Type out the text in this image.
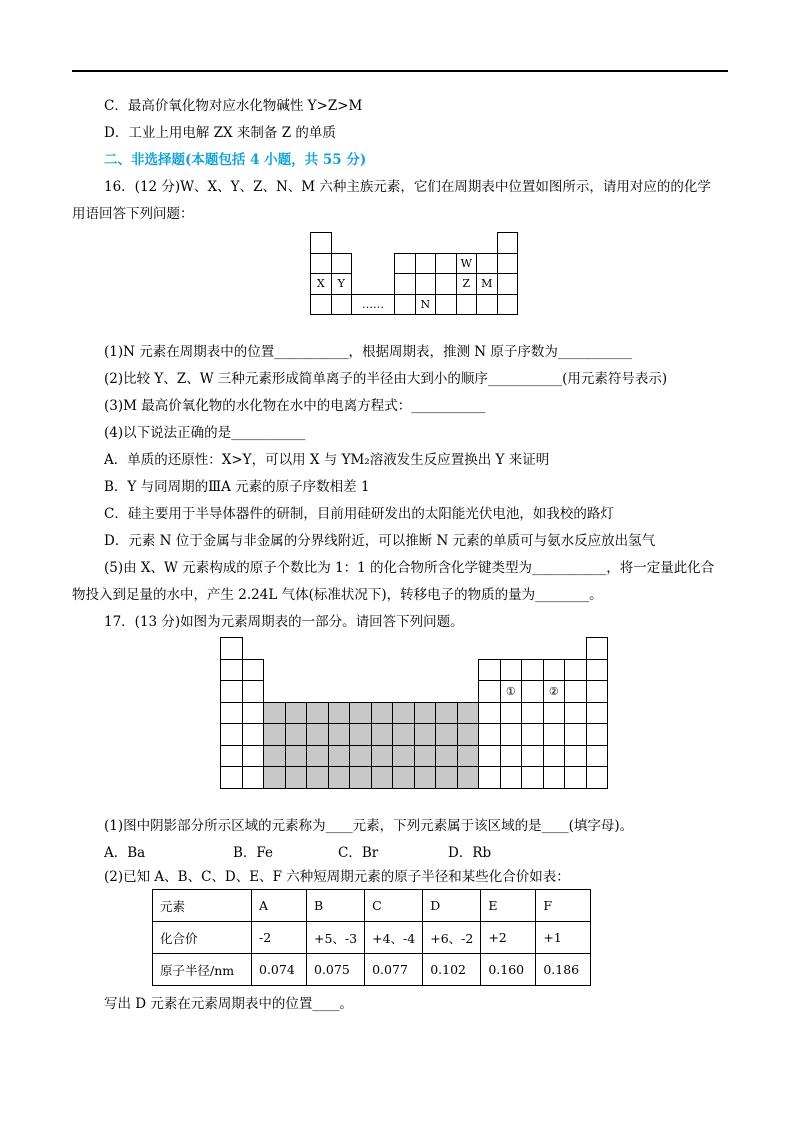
C．最高价氧化物对应水化物碱性 Y>Z>M
D．工业上用电解 ZX 来制备 Z 的单质
二、非选择题(本题包括 4 小题，共 55 分)
16．(12 分)W、X、Y、Z、N、M 六种主族元素，它们在周期表中位置如图所示，请用对应的的化学
用语回答下列问题：
W
X	Y	Z	M
N
……
(1)N 元素在周期表中的位置___________，根据周期表，推测 N 原子序数为___________
(2)比较 Y、Z、W 三种元素形成简单离子的半径由大到小的顺序___________(用元素符号表示)
(3)M 最高价氧化物的水化物在水中的电离方程式：___________
(4)以下说法正确的是___________
A．单质的还原性：X>Y，可以用 X 与 YM₂溶液发生反应置换出 Y 来证明
B．Y 与同周期的ⅢA 元素的原子序数相差 1
C．硅主要用于半导体器件的研制，目前用硅研发出的太阳能光伏电池，如我校的路灯
D．元素 N 位于金属与非金属的分界线附近，可以推断 N 元素的单质可与氨水反应放出氢气
(5)由 X、W 元素构成的原子个数比为 1：1 的化合物所含化学键类型为___________，将一定量此化合
物投入到足量的水中，产生 2.24L 气体(标准状况下)，转移电子的物质的量为________。
17．(13 分)如图为元素周期表的一部分。请回答下列问题。
①	②
(1)图中阴影部分所示区域的元素称为____元素，下列元素属于该区域的是____(填字母)。
A．Ba	B．Fe	C．Br	D．Rb
(2)已知 A、B、C、D、E、F 六种短周期元素的原子半径和某些化合价如表：
元素	A	B	C	D	E	F
化合价	-2	+5、-3	+4、-4	+6、-2	+2	+1
原子半径/nm	0.074	0.075	0.077	0.102	0.160	0.186
写出 D 元素在元素周期表中的位置____。
